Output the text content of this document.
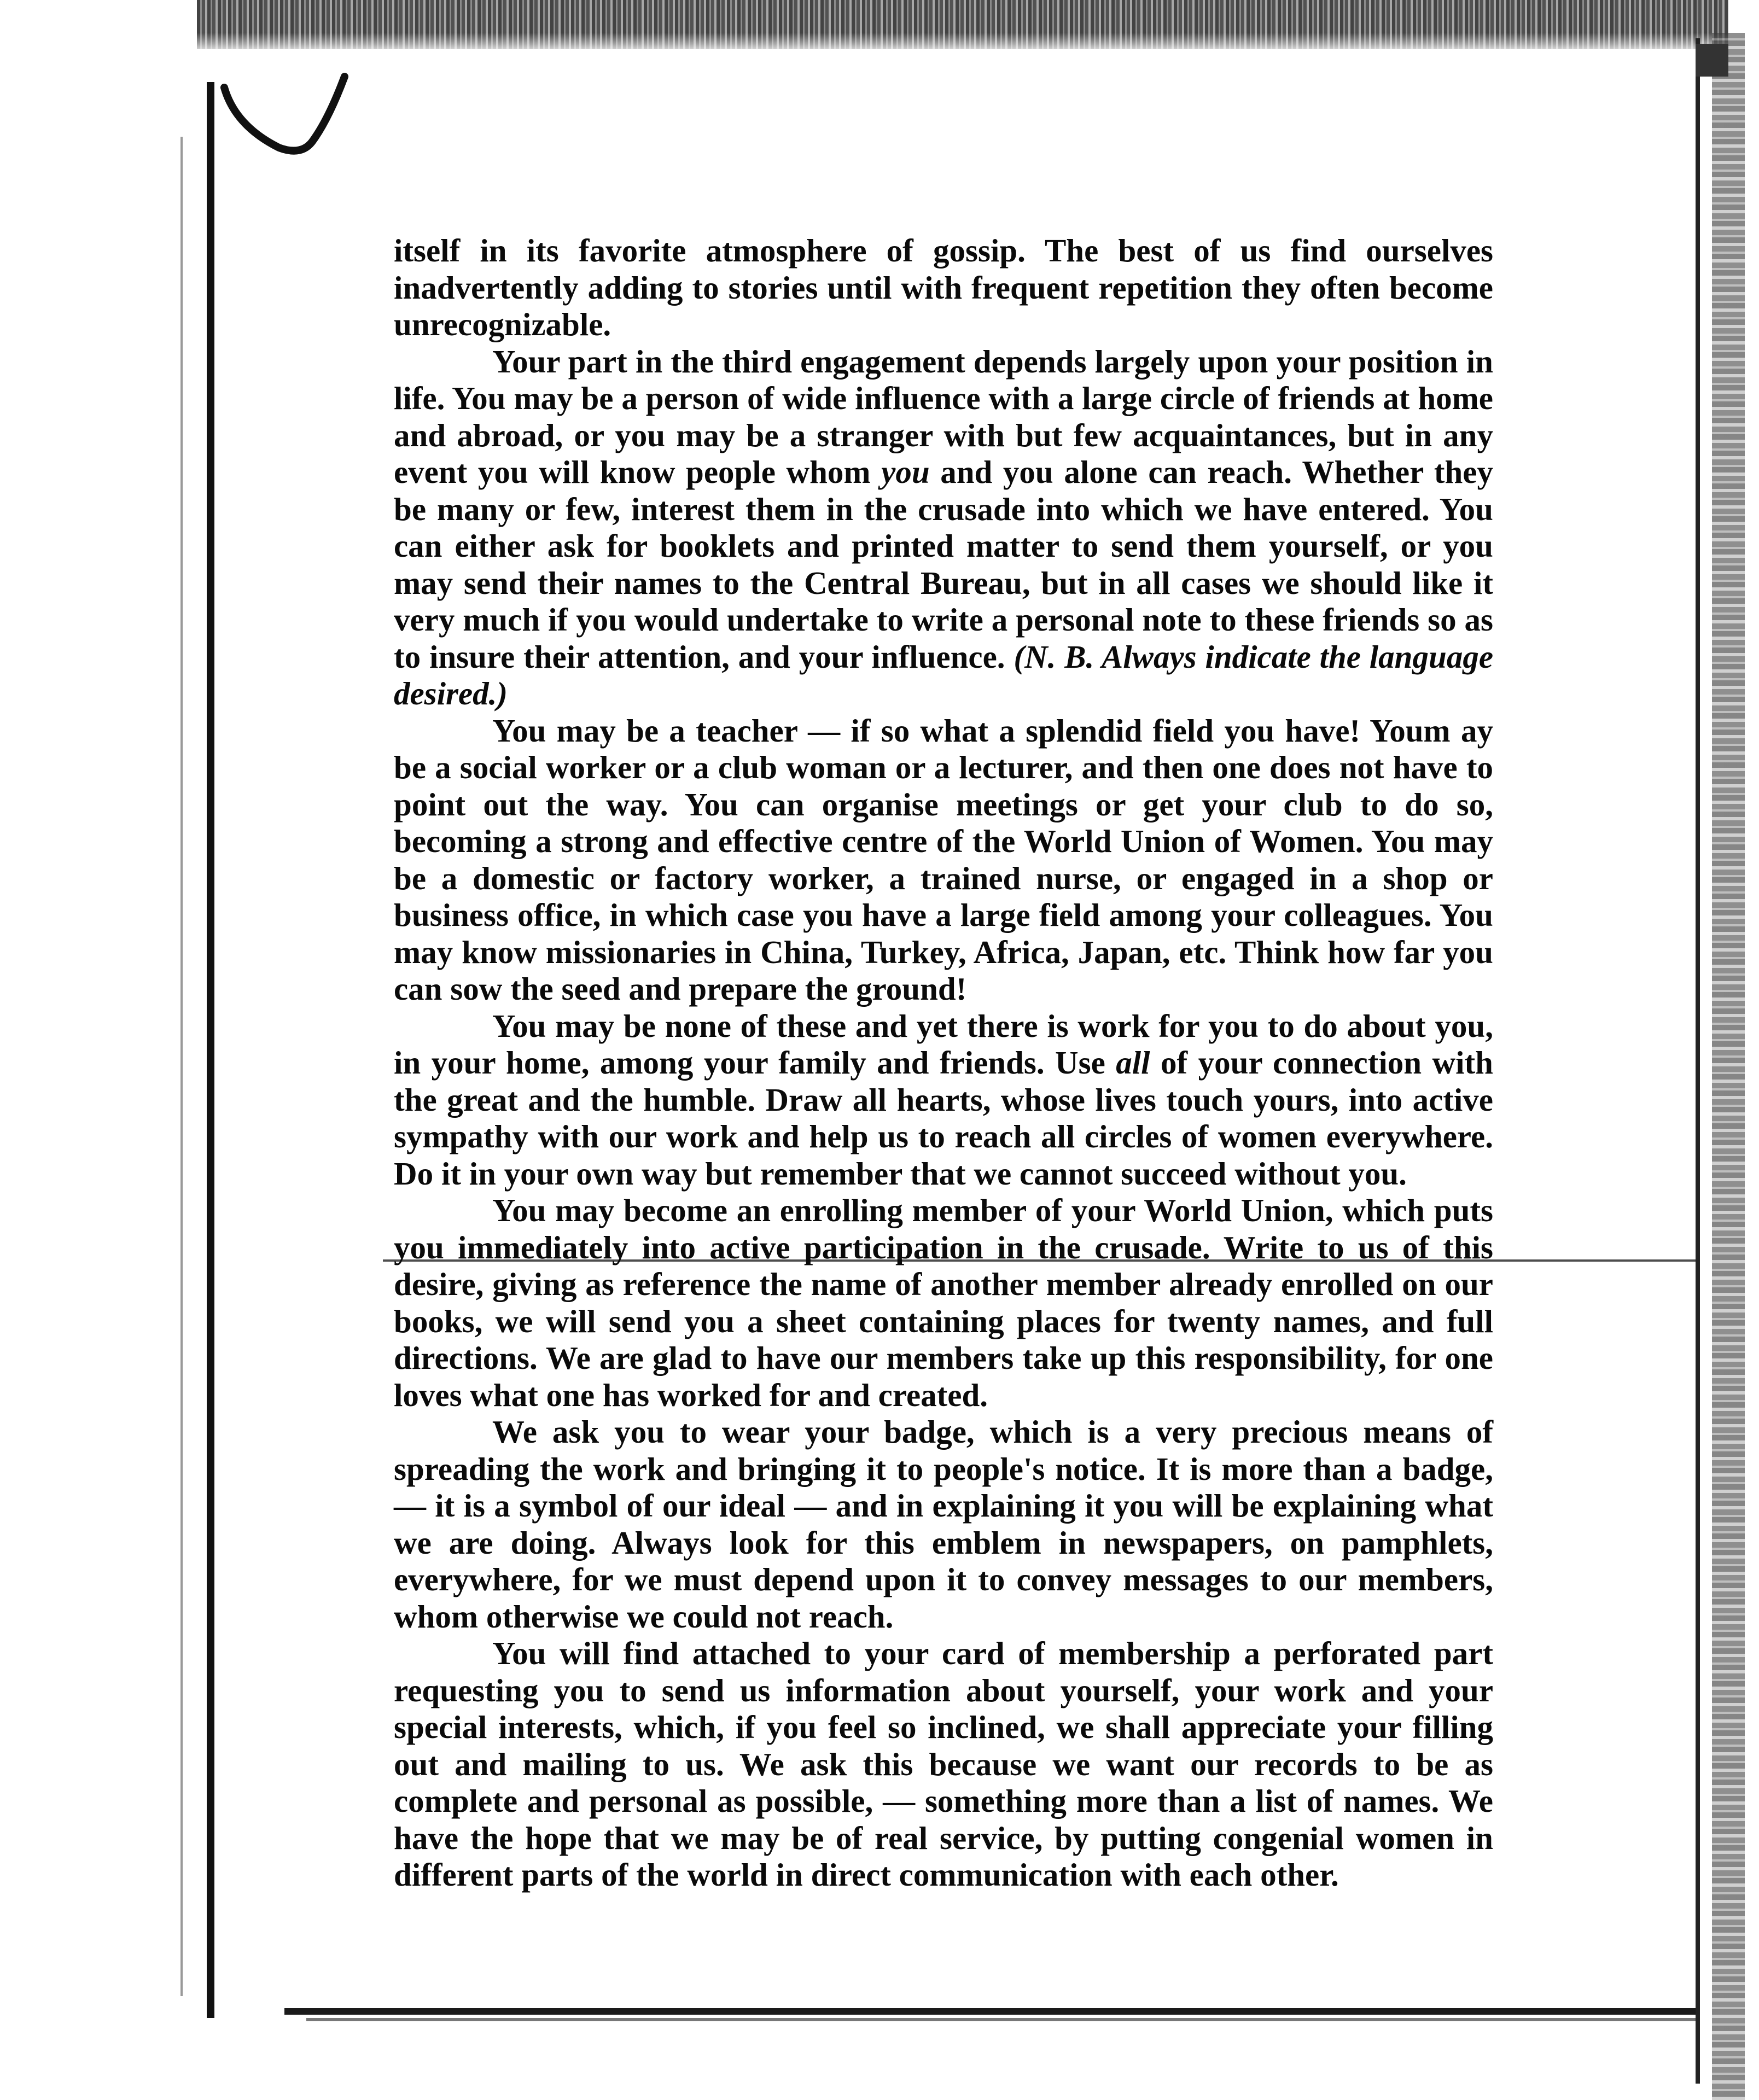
itself in its favorite atmosphere of gossip. The best of us find ourselves inadvertently adding to stories until with frequent repetition they often become unrecognizable.

Your part in the third engagement depends largely upon your position in life. You may be a person of wide influence with a large circle of friends at home and abroad, or you may be a stranger with but few acquaintances, but in any event you will know people whom you and you alone can reach. Whether they be many or few, interest them in the crusade into which we have entered. You can either ask for booklets and printed matter to send them yourself, or you may send their names to the Central Bureau, but in all cases we should like it very much if you would undertake to write a personal note to these friends so as to insure their attention, and your influence. (N. B. Always indicate the language desired.)

You may be a teacher — if so what a splendid field you have! Youm ay be a social worker or a club woman or a lecturer, and then one does not have to point out the way. You can organise meetings or get your club to do so, becoming a strong and effective centre of the World Union of Women. You may be a domestic or factory worker, a trained nurse, or engaged in a shop or business office, in which case you have a large field among your colleagues. You may know missionaries in China, Turkey, Africa, Japan, etc. Think how far you can sow the seed and prepare the ground!

You may be none of these and yet there is work for you to do about you, in your home, among your family and friends. Use all of your connection with the great and the humble. Draw all hearts, whose lives touch yours, into active sympathy with our work and help us to reach all circles of women everywhere. Do it in your own way but remember that we cannot succeed without you.

You may become an enrolling member of your World Union, which puts you immediately into active participation in the crusade. Write to us of this desire, giving as reference the name of another member already enrolled on our books, we will send you a sheet containing places for twenty names, and full directions. We are glad to have our members take up this responsibility, for one loves what one has worked for and created.

We ask you to wear your badge, which is a very precious means of spreading the work and bringing it to people's notice. It is more than a badge, — it is a symbol of our ideal — and in explaining it you will be explaining what we are doing. Always look for this emblem in newspapers, on pamphlets, everywhere, for we must depend upon it to convey messages to our members, whom otherwise we could not reach.

You will find attached to your card of membership a perforated part requesting you to send us information about yourself, your work and your special interests, which, if you feel so inclined, we shall appreciate your filling out and mailing to us. We ask this because we want our records to be as complete and personal as possible, — something more than a list of names. We have the hope that we may be of real service, by putting congenial women in different parts of the world in direct communication with each other.
